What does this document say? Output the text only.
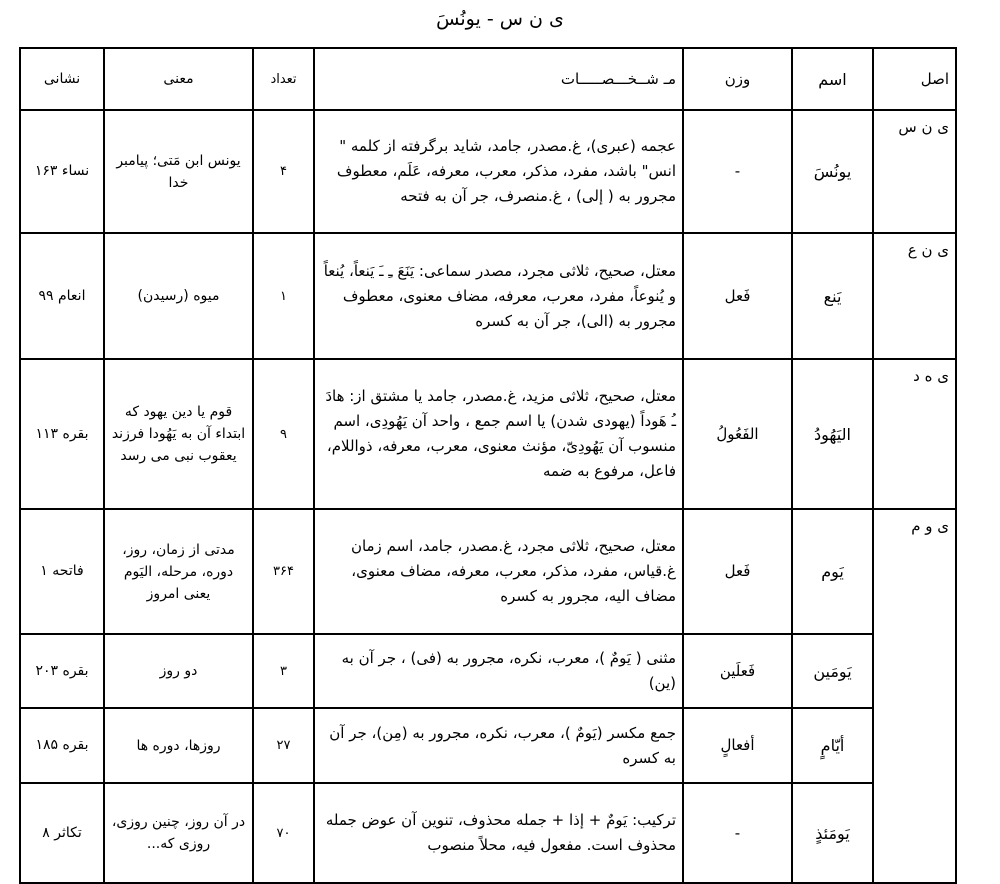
ی ن س - یونُسَ
اصل	اسم	وزن	مـ شــخـــصـــــات	تعداد	معنی	نشانی
ی ن س	یونُسَ	-	عجمه (عبری)، غ.مصدر، جامد، شاید برگرفته از کلمه " انس" باشد، مفرد، مذکر، معرب، معرفه، عَلَم، معطوف مجرور به ( إلی) ، غ.منصرف، جر آن به فتحه	۴	یونس ابن مَتی؛ پیامبر خدا	نساء ۱۶۳
ی ن ع	یَنع	فَعل	معتل، صحیح، ثلاثی مجرد، مصدر سماعی: یَنَعَ ـِ ـَ یَنعاً، یُنعاً و یُنوعاً، مفرد، معرب، معرفه، مضاف معنوی، معطوف مجرور به (الی)، جر آن به کسره	۱	میوه (رسیدن)	انعام ۹۹
ی ه د	الیَهُودُ	الفَعُولُ	معتل، صحیح، ثلاثی مزید، غ.مصدر، جامد یا مشتق از: هادَ ـُ هَوداً (یهودی شدن) یا اسم جمع ، واحد آن یَهُودِی، اسم منسوب آن یَهُودِیّ، مؤنث معنوی، معرب، معرفه، ذواللام، فاعل، مرفوع به ضمه	۹	قوم یا دین یهود که ابتداء آن به یَهُودا فرزند یعقوب نبی می رسد	بقره ۱۱۳
ی و م	یَوم	فَعل	معتل، صحیح، ثلاثی مجرد، غ.مصدر، جامد، اسم زمان غ.قیاس، مفرد، مذکر، معرب، معرفه، مضاف معنوی، مضاف الیه، مجرور به کسره	۳۶۴	مدتی از زمان، روز، دوره، مرحله، الیَوم یعنی امروز	فاتحه ۱
	یَومَین	فَعلَین	مثنی ( یَومٌ )، معرب، نکره، مجرور به (فی) ، جر آن به (ین)	۳	دو روز	بقره ۲۰۳
	أیّامٍ	أفعالٍ	جمع مکسر (یَومٌ )، معرب، نکره، مجرور به (مِن)، جر آن به کسره	۲۷	روزها، دوره ها	بقره ۱۸۵
	یَومَئذٍ	-	ترکیب: یَومٌ + إذا + جمله محذوف، تنوین آن عوض جمله محذوف است. مفعول فیه، محلاً منصوب	۷۰	در آن روز، چنین روزی، روزی که...	تکاثر ۸
